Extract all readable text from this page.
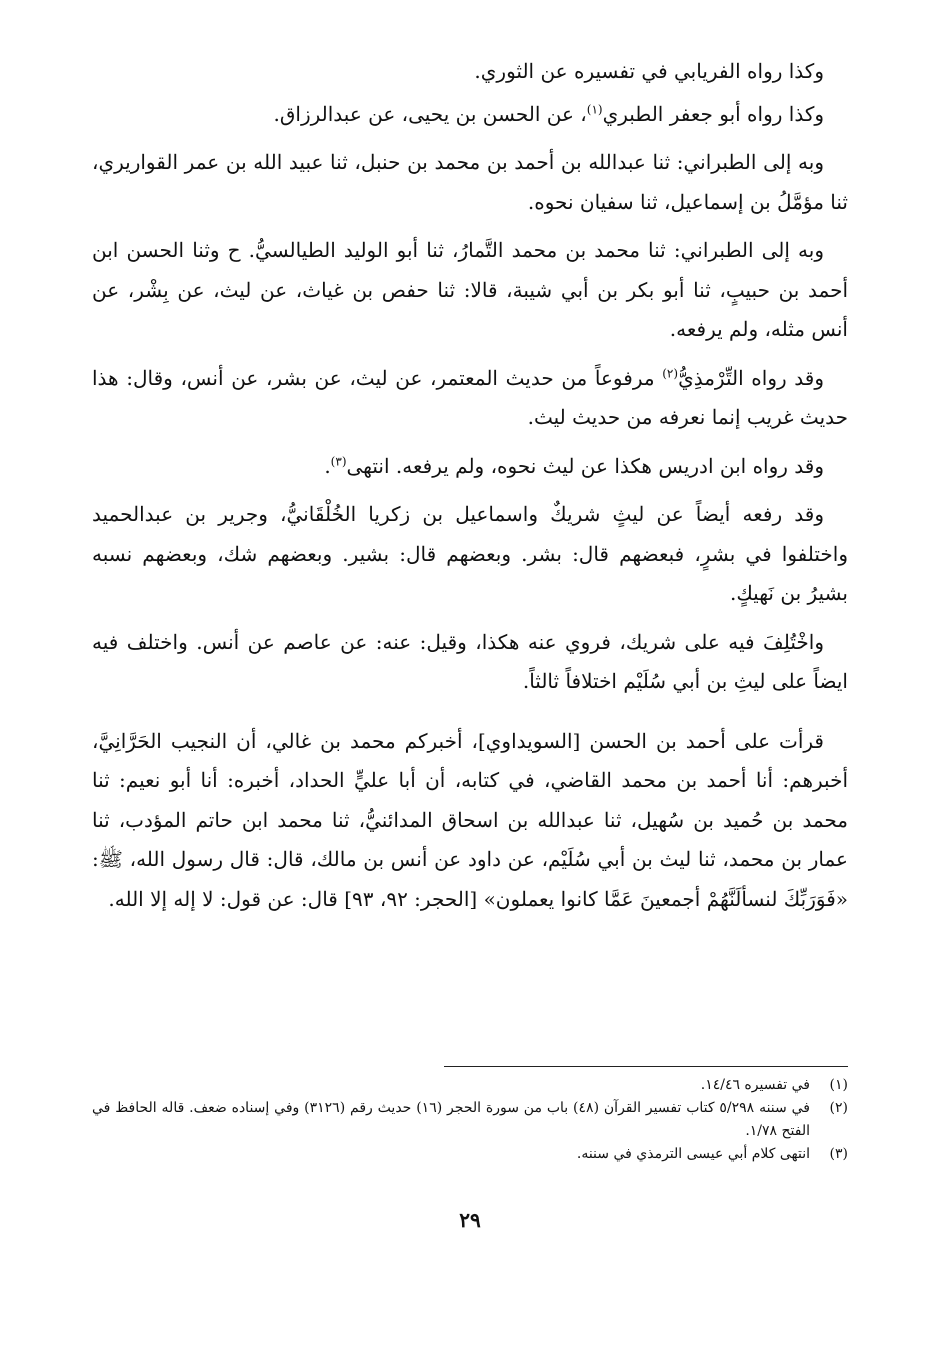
وكذا رواه الفريابي في تفسيره عن الثوري.

وكذا رواه أبو جعفر الطبري$^{(١)}$، عن الحسن بن يحيى، عن عبدالرزاق.

وبه إلى الطبراني: ثنا عبدالله بن أحمد بن محمد بن حنبل، ثنا عبيد الله بن عمر القواريري، ثنا مؤمَّلُ بن إسماعيل، ثنا سفيان نحوه.

وبه إلى الطبراني: ثنا محمد بن محمد التَّمارُ، ثنا أبو الوليد الطيالسيُّ. ح وثنا الحسن ابن أحمد بن حبيبٍ، ثنا أبو بكر بن أبي شيبة، قالا: ثنا حفص بن غياث، عن ليث، عن بِشْر، عن أنس مثله، ولم يرفعه.

وقد رواه التِّرْمذِيُّ$^{(٢)}$ مرفوعاً من حديث المعتمر، عن ليث، عن بشر، عن أنس، وقال: هذا حديث غريب إنما نعرفه من حديث ليث.

وقد رواه ابن ادريس هكذا عن ليث نحوه، ولم يرفعه. انتهى$^{(٣)}$.

وقد رفعه أيضاً عن ليثٍ شريكٌ واسماعيل بن زكريا الخُلْقَانيُّ، وجرير بن عبدالحميد واختلفوا في بشرٍ، فبعضهم قال: بشر. وبعضهم قال: بشير. وبعضهم شك، وبعضهم نسبه بشيرُ بن نَهيكٍ.

واخْتُلِفَ فيه على شريك، فروي عنه هكذا، وقيل: عنه: عن عاصم عن أنس. واختلف فيه ايضاً على ليثِ بن أبي سُلَيْم اختلافاً ثالثاً.

قرأت على أحمد بن الحسن [السويداوي]، أخبركم محمد بن غالي، أن النجيب الحَرَّانِيَّ، أخبرهم: أنا أحمد بن محمد القاضي، في كتابه، أن أبا عليٍّ الحداد، أخبره: أنا أبو نعيم: ثنا محمد بن حُميد بن سُهيل، ثنا عبدالله بن اسحاق المدائنيُّ، ثنا محمد ابن حاتم المؤدب، ثنا عمار بن محمد، ثنا ليث بن أبي سُلَيْم، عن داود عن أنس بن مالك، قال: قال رسول الله، ﷺ: «فَوَرَبِّكَ لنسألَنَّهُمْ أجمعينَ عَمَّا كانوا يعملون» [الحجر: ٩٢، ٩٣] قال: عن قول: لا إله إلا الله.

(١)
في تفسيره ١٤/٤٦.
(٢)
في سننه ٥/٢٩٨ كتاب تفسير القرآن (٤٨) باب من سورة الحجر (١٦) حديث رقم (٣١٢٦) وفي إسناده ضعف. قاله الحافظ في الفتح ١/٧٨.
(٣)
انتهى كلام أبي عيسى الترمذي في سننه.
٢٩
